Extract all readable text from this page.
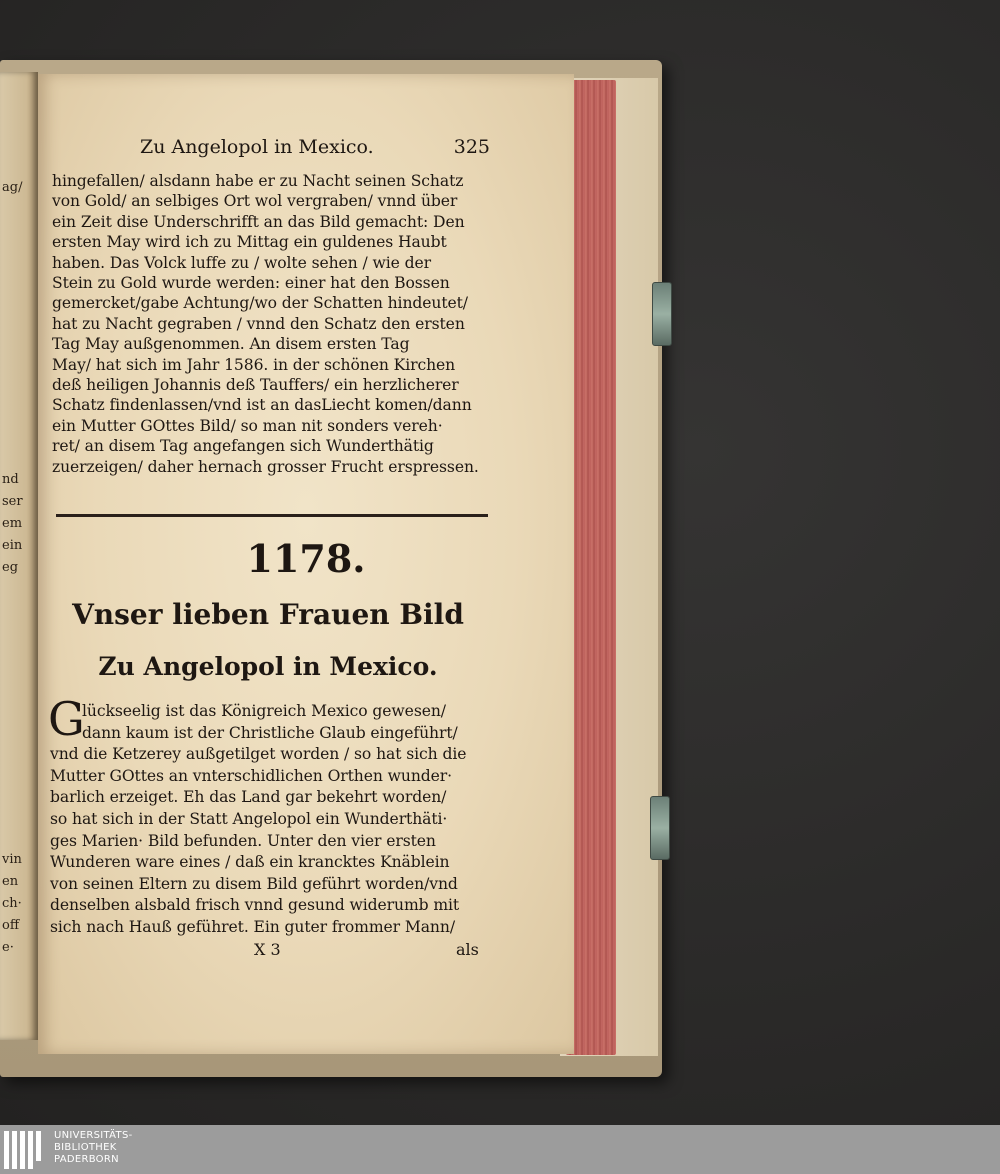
ag/
nd
ser
em
ein
eg
vin
en
ch·
off
e·
Zu Angelopol in Mexico.	325
hingefallen/ alsdann habe er zu Nacht seinen Schatz
von Gold/ an selbiges Ort wol vergraben/ vnnd über
ein Zeit dise Underschrifft an das Bild gemacht: Den
ersten May wird ich zu Mittag ein guldenes Haubt
haben. Das Volck luffe zu / wolte sehen / wie der
Stein zu Gold wurde werden: einer hat den Bossen
gemercket/gabe Achtung/wo der Schatten hindeutet/
hat zu Nacht gegraben / vnnd den Schatz den ersten
Tag May außgenommen. An disem ersten Tag
May/ hat sich im Jahr 1586. in der schönen Kirchen
deß heiligen Johannis deß Tauffers/ ein herzlicherer
Schatz findenlassen/vnd ist an dasLiecht komen/dann
ein Mutter GOttes Bild/ so man nit sonders vereh·
ret/ an disem Tag angefangen sich Wunderthätig
zuerzeigen/ daher hernach grosser Frucht erspressen.
1178.
Vnser lieben Frauen Bild
Zu Angelopol in Mexico.
G
lückseelig ist das Königreich Mexico gewesen/
dann kaum ist der Christliche Glaub eingeführt/
vnd die Ketzerey außgetilget worden / so hat sich die
Mutter GOttes an vnterschidlichen Orthen wunder·
barlich erzeiget. Eh das Land gar bekehrt worden/
so hat sich in der Statt Angelopol ein Wunderthäti·
ges Marien· Bild befunden. Unter den vier ersten
Wunderen ware eines / daß ein krancktes Knäblein
von seinen Eltern zu disem Bild geführt worden/vnd
denselben alsbald frisch vnnd gesund widerumb mit
sich nach Hauß geführet. Ein guter frommer Mann/
X 3	als
UNIVERSITÄTS-
BIBLIOTHEK
PADERBORN
